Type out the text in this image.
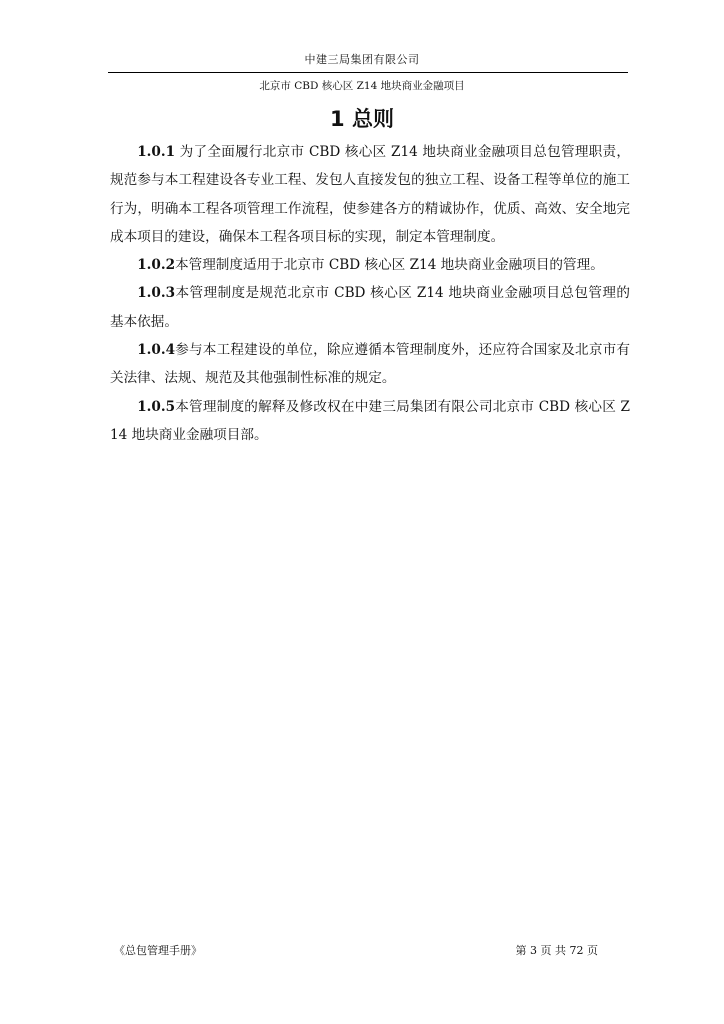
中建三局集团有限公司
北京市 CBD 核心区 Z14 地块商业金融项目
1 总则

1.0.1 为了全面履行北京市 CBD 核心区 Z14 地块商业金融项目总包管理职责，规范参与本工程建设各专业工程、发包人直接发包的独立工程、设备工程等单位的施工行为，明确本工程各项管理工作流程，使参建各方的精诚协作，优质、高效、安全地完成本项目的建设，确保本工程各项目标的实现，制定本管理制度。

1.0.2本管理制度适用于北京市 CBD 核心区 Z14 地块商业金融项目的管理。

1.0.3本管理制度是规范北京市 CBD 核心区 Z14 地块商业金融项目总包管理的基本依据。

1.0.4参与本工程建设的单位，除应遵循本管理制度外，还应符合国家及北京市有关法律、法规、规范及其他强制性标准的规定。

1.0.5本管理制度的解释及修改权在中建三局集团有限公司北京市 CBD 核心区 Z14 地块商业金融项目部。

《总包管理手册》	第 3 页 共 72 页
